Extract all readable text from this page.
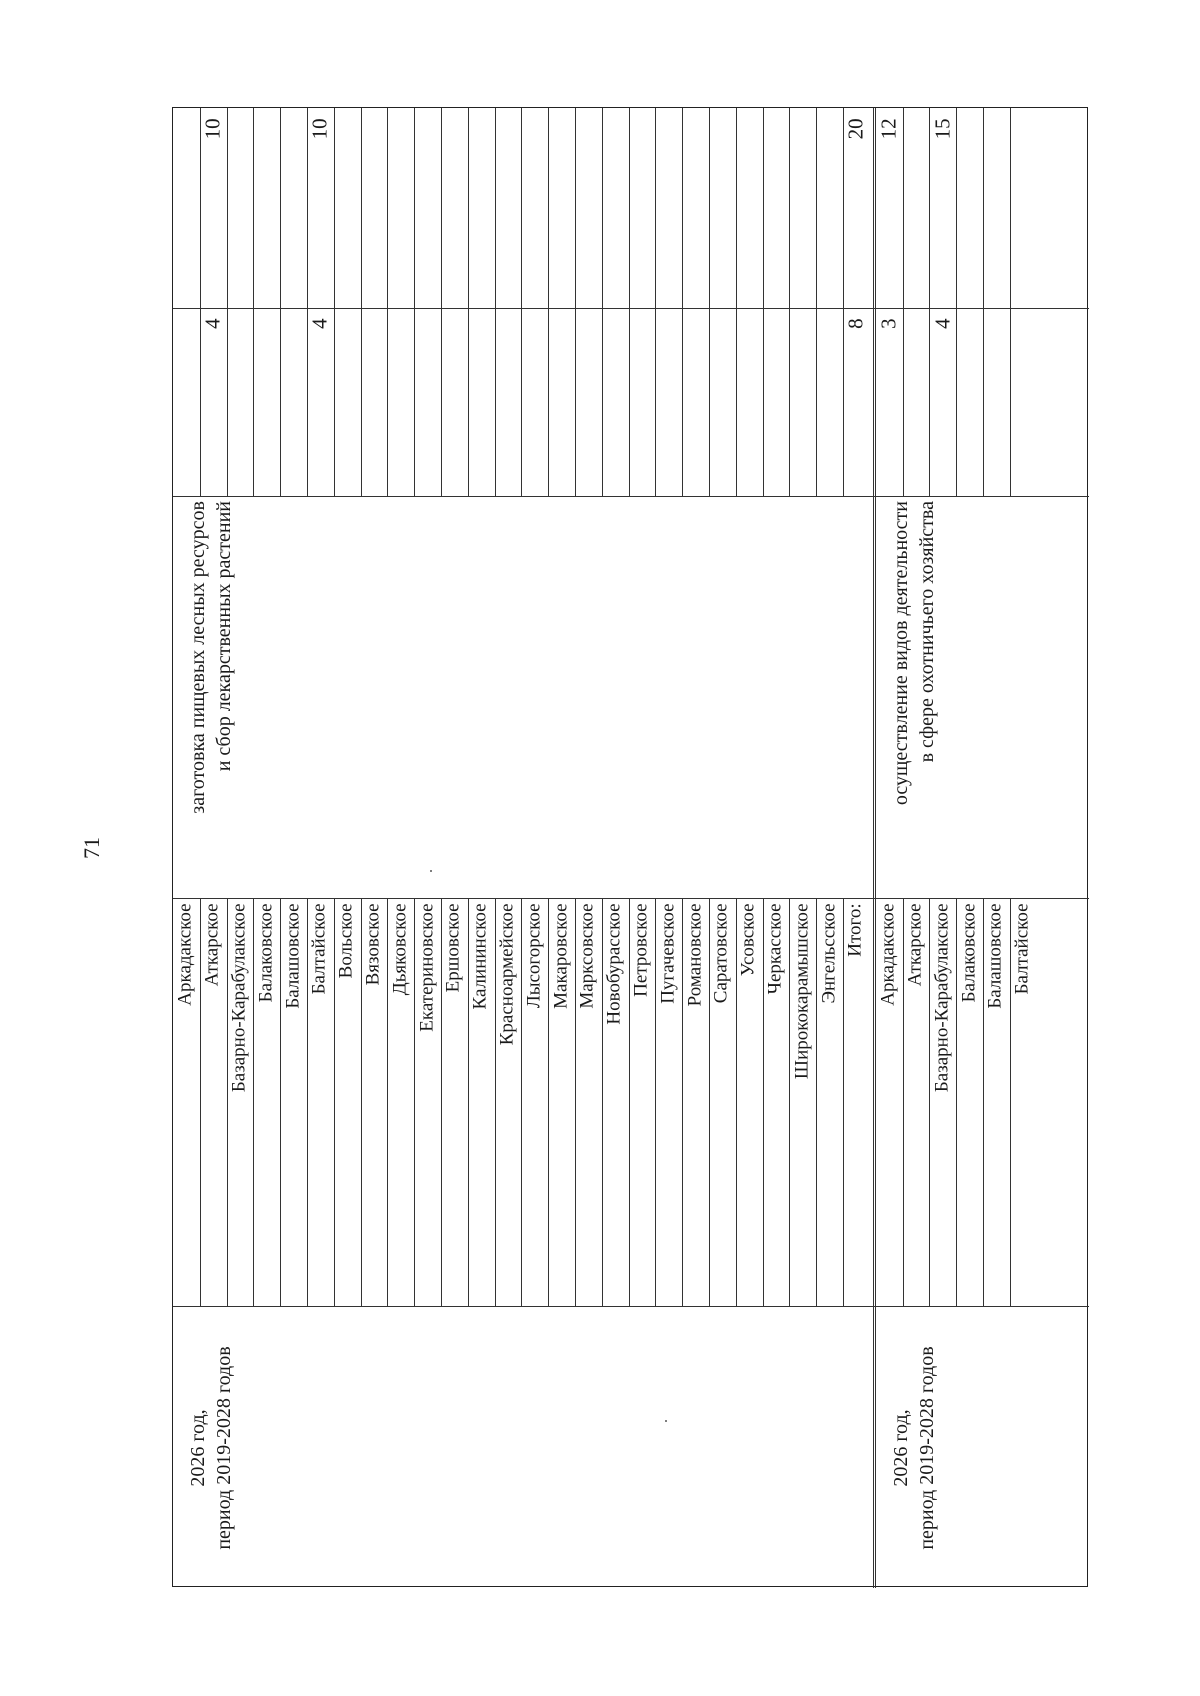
71
2026 год, период 2019-2028 годов
заготовка пищевых лесных ресурсов и сбор лекарственных растений
Аркадакское Аткарское
4
10
Базарно-Карабулакское Балаковское Балашовское Балтайское
4
10
Вольское Вязовское Дьяковское Екатериновское Ершовское Калининское Красноармейское Лысогорское Макаровское Марксовское Новобурасское Петровское Пугачевское Романовское Саратовское Усовское Черкасское Ширококарамышское Энгельсское Итого:
8
20
2026 год, период 2019-2028 годов
осуществление видов деятельности в сфере охотничьего хозяйства
Аркадакское
3
12
Аткарское Базарно-Карабулакское
4
15
Балаковское Балашовское Балтайское
